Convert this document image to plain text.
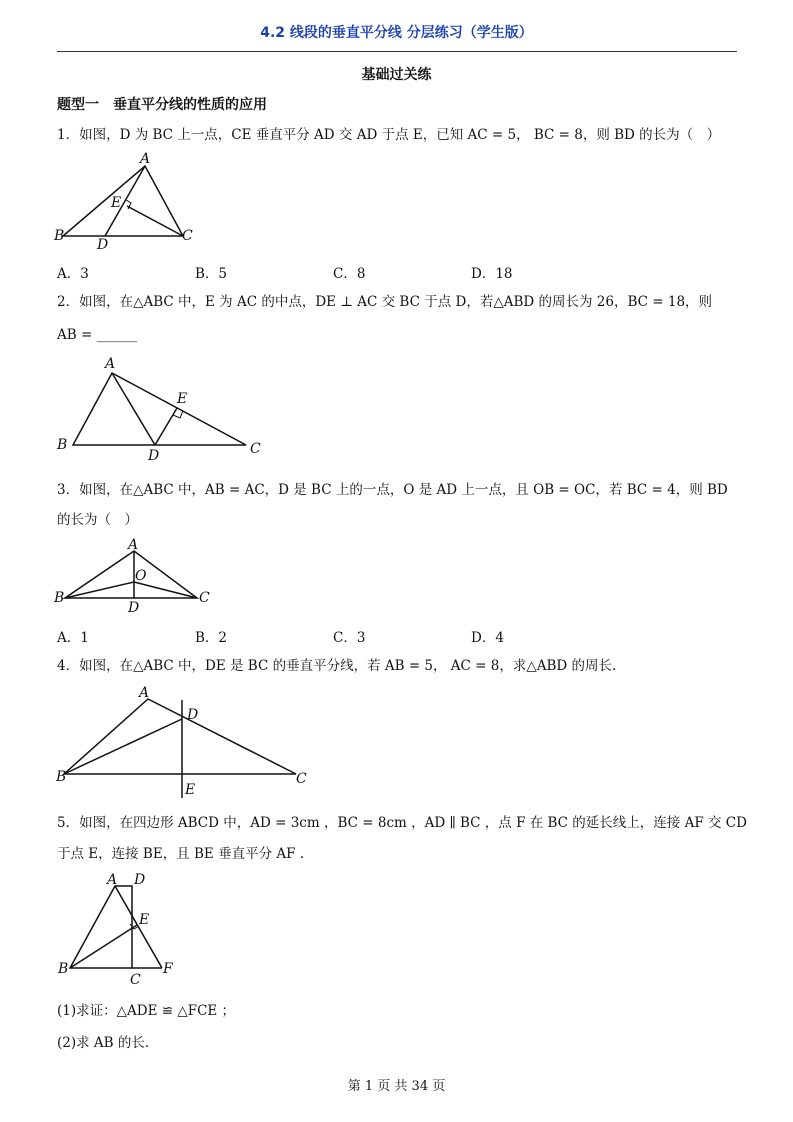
4.2 线段的垂直平分线 分层练习（学生版）
基础过关练
题型一　垂直平分线的性质的应用
1．如图，D 为 BC 上一点，CE 垂直平分 AD 交 AD 于点 E，已知 AC = 5， BC = 8，则 BD 的长为（　）
A
B	C
D
E
A．3	B．5	C．8	D．18
2．如图，在△ABC 中，E 为 AC 的中点，DE ⊥ AC 交 BC 于点 D，若△ABD 的周长为 26，BC = 18，则
AB = ______
A
B	C
D
E
3．如图，在△ABC 中，AB = AC，D 是 BC 上的一点，O 是 AD 上一点，且 OB = OC，若 BC = 4，则 BD
的长为（　）
A
B	C
D
O
A．1	B．2	C．3	D．4
4．如图，在△ABC 中，DE 是 BC 的垂直平分线，若 AB = 5， AC = 8，求△ABD 的周长.
A
B	C
D
E
5．如图，在四边形 ABCD 中，AD = 3cm ，BC = 8cm ，AD ∥ BC ，点 F 在 BC 的延长线上，连接 AF 交 CD
于点 E，连接 BE，且 BE 垂直平分 AF .
A
B
C
D
E
F
(1)求证：△ADE ≌ △FCE ；
(2)求 AB 的长.
第 1 页 共 34 页
